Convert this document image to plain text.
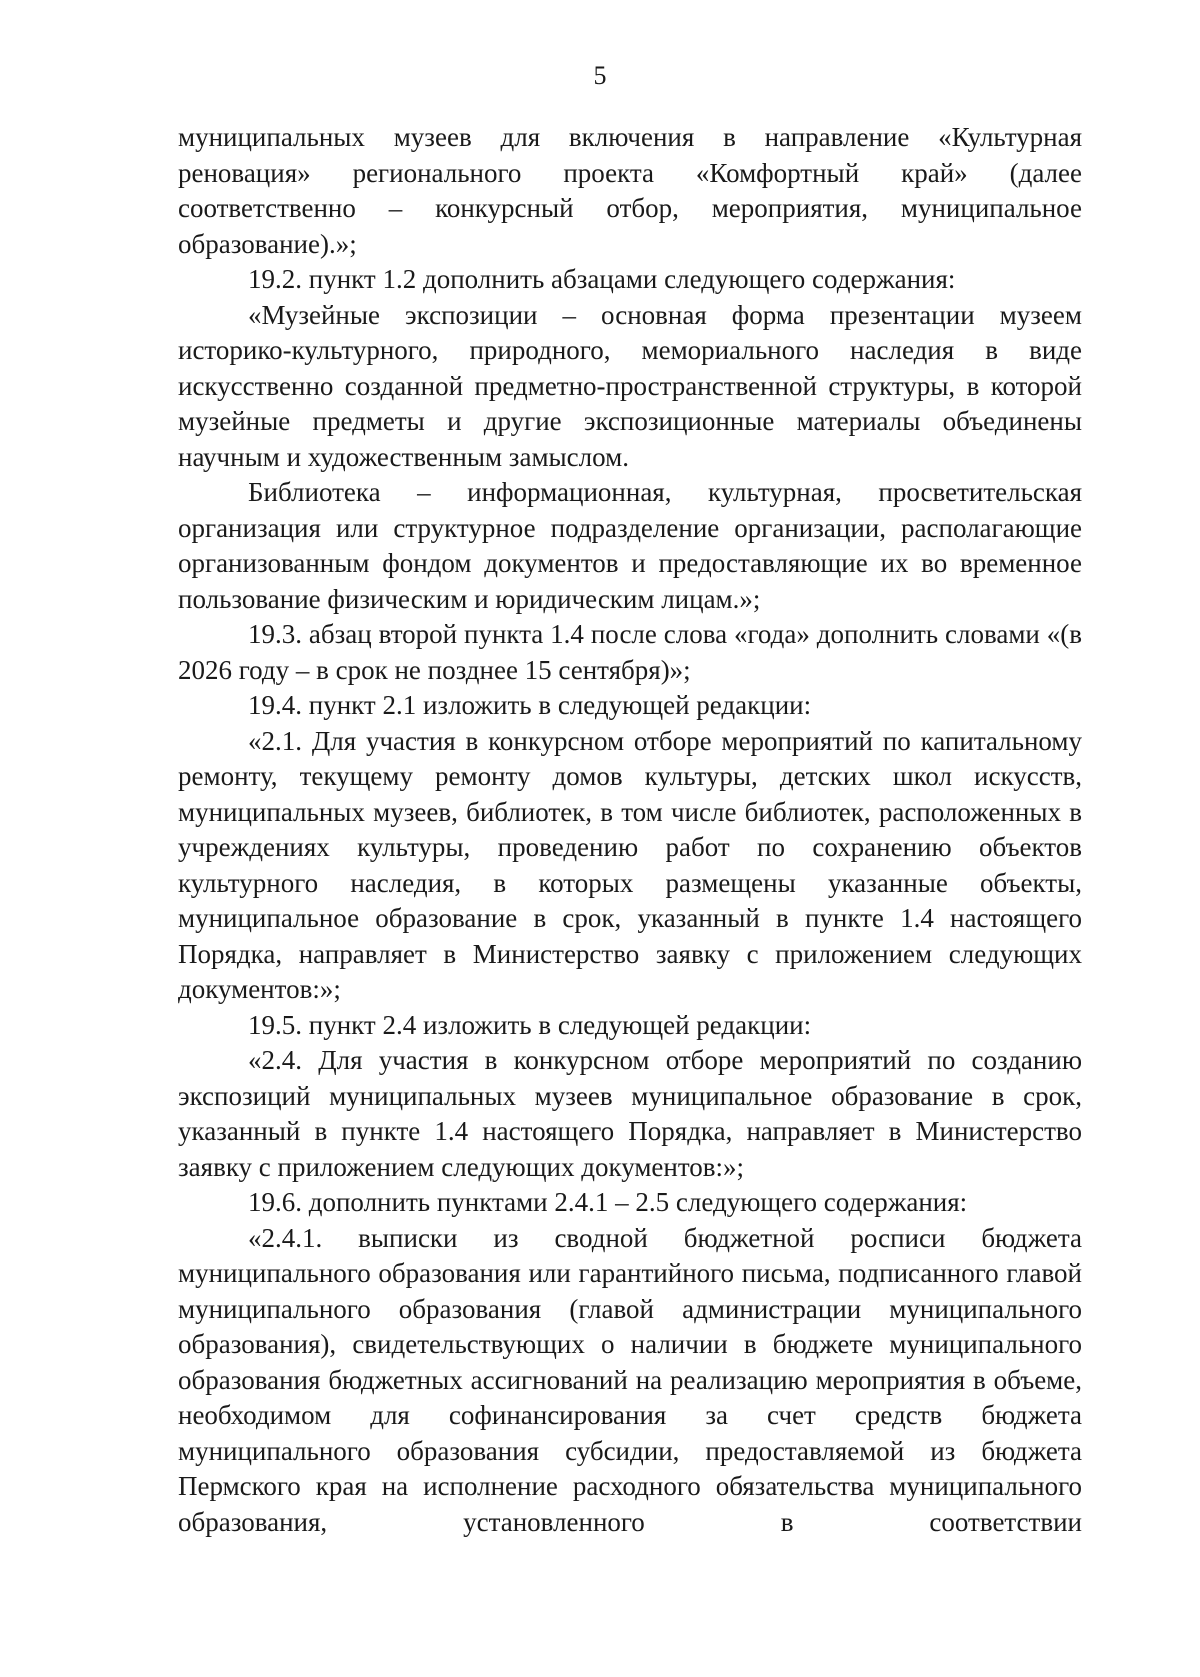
5

муниципальных музеев для включения в направление «Культурная реновация» регионального проекта «Комфортный край» (далее соответственно – конкурсный отбор, мероприятия, муниципальное образование).»;

19.2. пункт 1.2 дополнить абзацами следующего содержания:

«Музейные экспозиции – основная форма презентации музеем историко-культурного, природного, мемориального наследия в виде искусственно созданной предметно-пространственной структуры, в которой музейные предметы и другие экспозиционные материалы объединены научным и художественным замыслом.

Библиотека – информационная, культурная, просветительская организация или структурное подразделение организации, располагающие организованным фондом документов и предоставляющие их во временное пользование физическим и юридическим лицам.»;

19.3. абзац второй пункта 1.4 после слова «года» дополнить словами «(в 2026 году – в срок не позднее 15 сентября)»;

19.4. пункт 2.1 изложить в следующей редакции:

«2.1. Для участия в конкурсном отборе мероприятий по капитальному ремонту, текущему ремонту домов культуры, детских школ искусств, муниципальных музеев, библиотек, в том числе библиотек, расположенных в учреждениях культуры, проведению работ по сохранению объектов культурного наследия, в которых размещены указанные объекты, муниципальное образование в срок, указанный в пункте 1.4 настоящего Порядка, направляет в Министерство заявку с приложением следующих документов:»;

19.5. пункт 2.4 изложить в следующей редакции:

«2.4. Для участия в конкурсном отборе мероприятий по созданию экспозиций муниципальных музеев муниципальное образование в срок, указанный в пункте 1.4 настоящего Порядка, направляет в Министерство заявку с приложением следующих документов:»;

19.6. дополнить пунктами 2.4.1 – 2.5 следующего содержания:

«2.4.1. выписки из сводной бюджетной росписи бюджета муниципального образования или гарантийного письма, подписанного главой муниципального образования (главой администрации муниципального образования), свидетельствующих о наличии в бюджете муниципального образования бюджетных ассигнований на реализацию мероприятия в объеме, необходимом для софинансирования за счет средств бюджета муниципального образования субсидии, предоставляемой из бюджета Пермского края на исполнение расходного обязательства муниципального образования, установленного в соответствии
